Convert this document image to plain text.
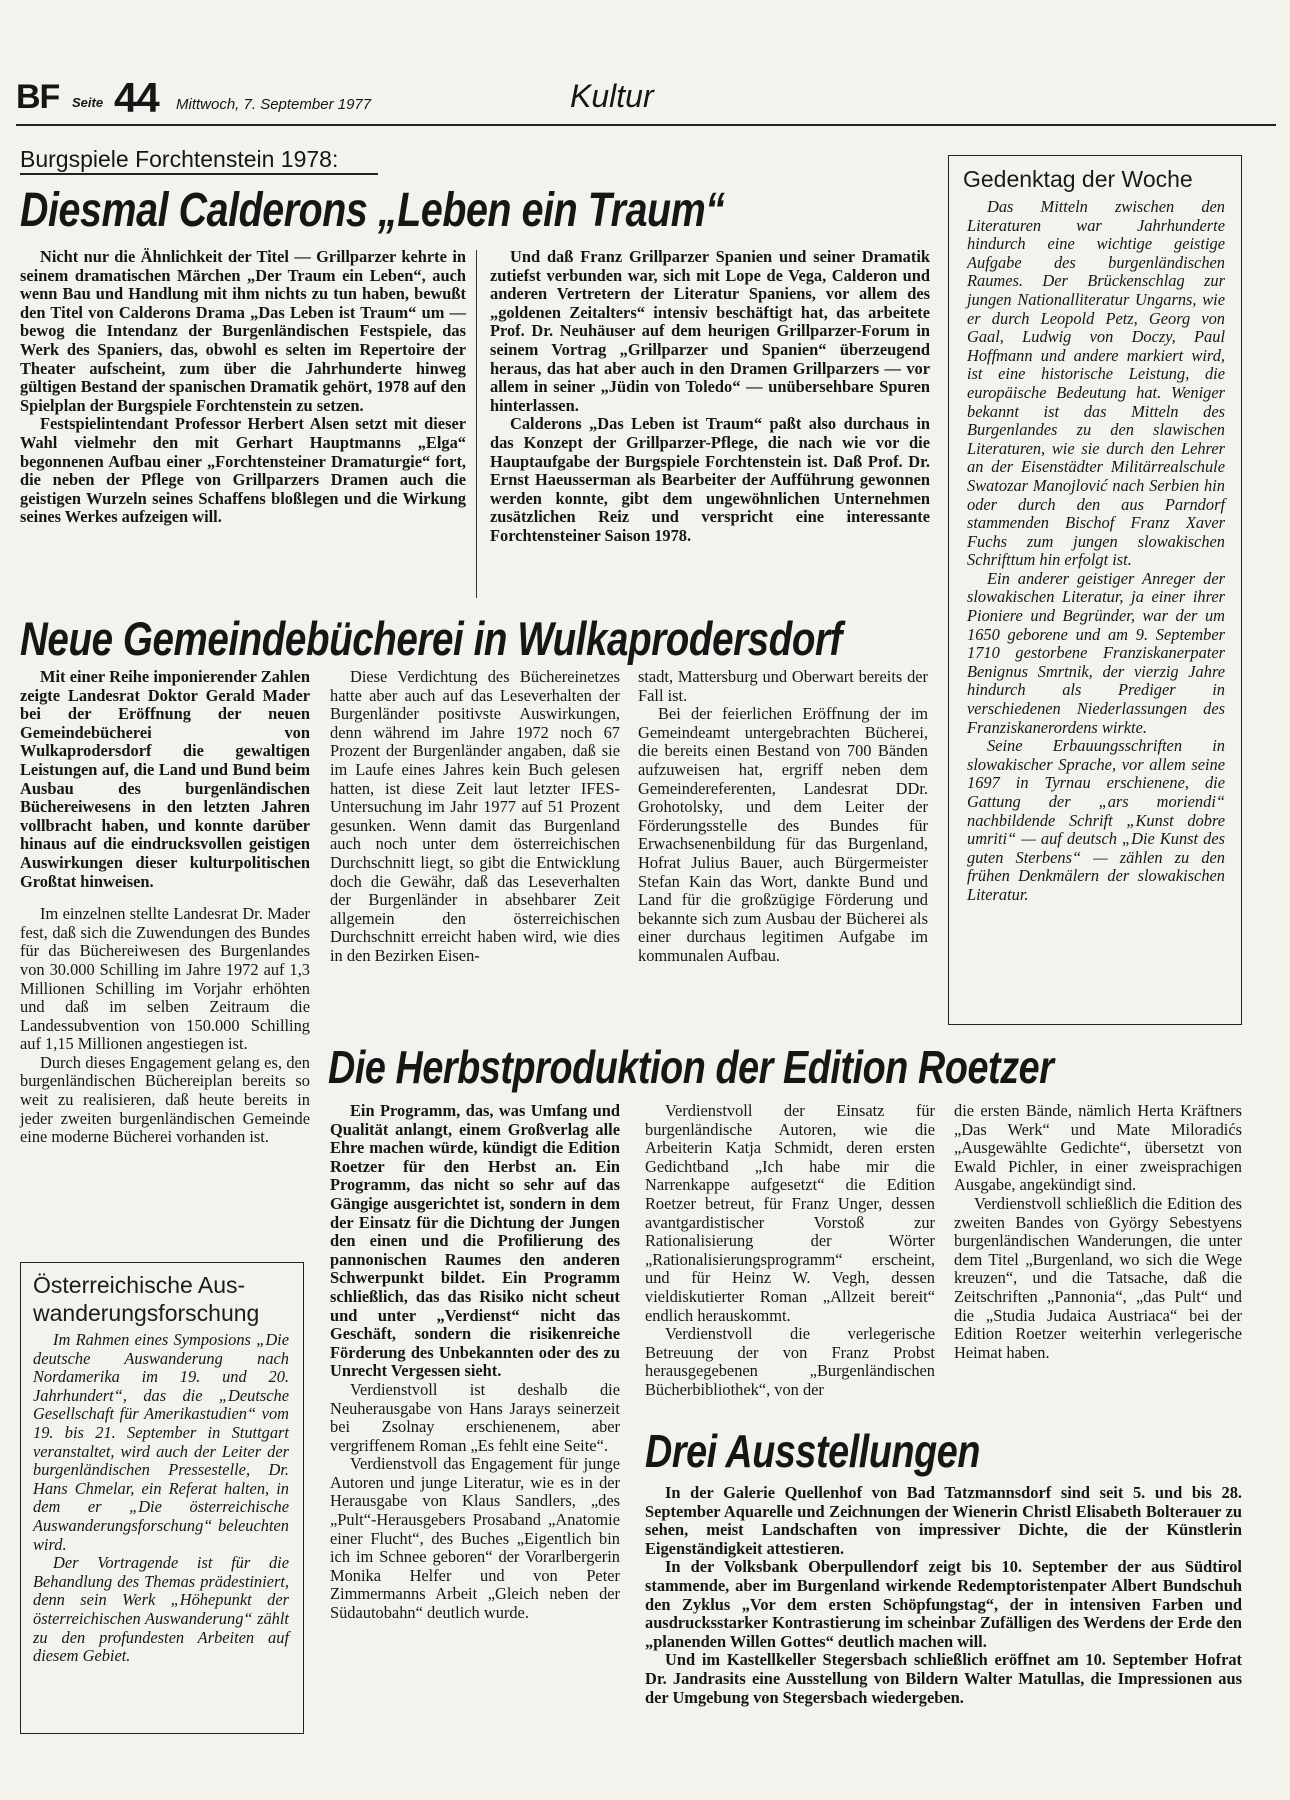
BF Seite 44 Mittwoch, 7. September 1977	Kultur
Burgspiele Forchtenstein 1978:
Diesmal Calderons „Leben ein Traum“

Nicht nur die Ähnlichkeit der Titel — Grillparzer kehrte in seinem dramatischen Märchen „Der Traum ein Leben“, auch wenn Bau und Handlung mit ihm nichts zu tun haben, bewußt den Titel von Calderons Drama „Das Leben ist Traum“ um — bewog die Intendanz der Burgenländischen Festspiele, das Werk des Spaniers, das, obwohl es selten im Repertoire der Theater aufscheint, zum über die Jahrhunderte hinweg gültigen Bestand der spanischen Dramatik gehört, 1978 auf den Spielplan der Burgspiele Forchtenstein zu setzen.

Festspielintendant Professor Herbert Alsen setzt mit dieser Wahl vielmehr den mit Gerhart Hauptmanns „Elga“ begonnenen Aufbau einer „Forchtensteiner Dramaturgie“ fort, die neben der Pflege von Grillparzers Dramen auch die geistigen Wurzeln seines Schaffens bloßlegen und die Wirkung seines Werkes aufzeigen will.

Und daß Franz Grillparzer Spanien und seiner Dramatik zutiefst verbunden war, sich mit Lope de Vega, Calderon und anderen Vertretern der Literatur Spaniens, vor allem des „goldenen Zeitalters“ intensiv beschäftigt hat, das arbeitete Prof. Dr. Neuhäuser auf dem heurigen Grillparzer-Forum in seinem Vortrag „Grillparzer und Spanien“ überzeugend heraus, das hat aber auch in den Dramen Grillparzers — vor allem in seiner „Jüdin von Toledo“ — unübersehbare Spuren hinterlassen.

Calderons „Das Leben ist Traum“ paßt also durchaus in das Konzept der Grillparzer-Pflege, die nach wie vor die Hauptaufgabe der Burgspiele Forchtenstein ist. Daß Prof. Dr. Ernst Haeusserman als Bearbeiter der Aufführung gewonnen werden konnte, gibt dem ungewöhnlichen Unternehmen zusätzlichen Reiz und verspricht eine interessante Forchtensteiner Saison 1978.

Gedenktag der Woche

Das Mitteln zwischen den Literaturen war Jahrhunderte hindurch eine wichtige geistige Aufgabe des burgenländischen Raumes. Der Brückenschlag zur jungen Nationalliteratur Ungarns, wie er durch Leopold Petz, Georg von Gaal, Ludwig von Doczy, Paul Hoffmann und andere markiert wird, ist eine historische Leistung, die europäische Bedeutung hat. Weniger bekannt ist das Mitteln des Burgenlandes zu den slawischen Literaturen, wie sie durch den Lehrer an der Eisenstädter Militärrealschule Swatozar Manojlović nach Serbien hin oder durch den aus Parndorf stammenden Bischof Franz Xaver Fuchs zum jungen slowakischen Schrifttum hin erfolgt ist.

Ein anderer geistiger Anreger der slowakischen Literatur, ja einer ihrer Pioniere und Begründer, war der um 1650 geborene und am 9. September 1710 gestorbene Franziskanerpater Benignus Smrtnik, der vierzig Jahre hindurch als Prediger in verschiedenen Niederlassungen des Franziskanerordens wirkte.

Seine Erbauungsschriften in slowakischer Sprache, vor allem seine 1697 in Tyrnau erschienene, die Gattung der „ars moriendi“ nachbildende Schrift „Kunst dobre umriti“ — auf deutsch „Die Kunst des guten Sterbens“ — zählen zu den frühen Denkmälern der slowakischen Literatur.

Neue Gemeindebücherei in Wulkaprodersdorf

Mit einer Reihe imponierender Zahlen zeigte Landesrat Doktor Gerald Mader bei der Eröffnung der neuen Gemeindebücherei von Wulkaprodersdorf die gewaltigen Leistungen auf, die Land und Bund beim Ausbau des burgenländischen Büchereiwesens in den letzten Jahren vollbracht haben, und konnte darüber hinaus auf die eindrucksvollen geistigen Auswirkungen dieser kulturpolitischen Großtat hinweisen.

Im einzelnen stellte Landesrat Dr. Mader fest, daß sich die Zuwendungen des Bundes für das Büchereiwesen des Burgenlandes von 30.000 Schilling im Jahre 1972 auf 1,3 Millionen Schilling im Vorjahr erhöhten und daß im selben Zeitraum die Landessubvention von 150.000 Schilling auf 1,15 Millionen angestiegen ist.

Durch dieses Engagement gelang es, den burgenländischen Büchereiplan bereits so weit zu realisieren, daß heute bereits in jeder zweiten burgenländischen Gemeinde eine moderne Bücherei vorhanden ist.

Diese Verdichtung des Büchereinetzes hatte aber auch auf das Leseverhalten der Burgenländer positivste Auswirkungen, denn während im Jahre 1972 noch 67 Prozent der Burgenländer angaben, daß sie im Laufe eines Jahres kein Buch gelesen hatten, ist diese Zeit laut letzter IFES-Untersuchung im Jahr 1977 auf 51 Prozent gesunken. Wenn damit das Burgenland auch noch unter dem österreichischen Durchschnitt liegt, so gibt die Entwicklung doch die Gewähr, daß das Leseverhalten der Burgenländer in absehbarer Zeit allgemein den österreichischen Durchschnitt erreicht haben wird, wie dies in den Bezirken Eisen-

stadt, Mattersburg und Oberwart bereits der Fall ist.

Bei der feierlichen Eröffnung der im Gemeindeamt untergebrachten Bücherei, die bereits einen Bestand von 700 Bänden aufzuweisen hat, ergriff neben dem Gemeindereferenten, Landesrat DDr. Grohotolsky, und dem Leiter der Förderungsstelle des Bundes für Erwachsenenbildung für das Burgenland, Hofrat Julius Bauer, auch Bürgermeister Stefan Kain das Wort, dankte Bund und Land für die großzügige Förderung und bekannte sich zum Ausbau der Bücherei als einer durchaus legitimen Aufgabe im kommunalen Aufbau.

Österreichische Aus-
wanderungsforschung

Im Rahmen eines Symposions „Die deutsche Auswanderung nach Nordamerika im 19. und 20. Jahrhundert“, das die „Deutsche Gesellschaft für Amerikastudien“ vom 19. bis 21. September in Stuttgart veranstaltet, wird auch der Leiter der burgenländischen Pressestelle, Dr. Hans Chmelar, ein Referat halten, in dem er „Die österreichische Auswanderungsforschung“ beleuchten wird.

Der Vortragende ist für die Behandlung des Themas prädestiniert, denn sein Werk „Höhepunkt der österreichischen Auswanderung“ zählt zu den profundesten Arbeiten auf diesem Gebiet.

Die Herbstproduktion der Edition Roetzer

Ein Programm, das, was Umfang und Qualität anlangt, einem Großverlag alle Ehre machen würde, kündigt die Edition Roetzer für den Herbst an. Ein Programm, das nicht so sehr auf das Gängige ausgerichtet ist, sondern in dem der Einsatz für die Dichtung der Jungen den einen und die Profilierung des pannonischen Raumes den anderen Schwerpunkt bildet. Ein Programm schließlich, das das Risiko nicht scheut und unter „Verdienst“ nicht das Geschäft, sondern die risikenreiche Förderung des Unbekannten oder des zu Unrecht Vergessen sieht.

Verdienstvoll ist deshalb die Neuherausgabe von Hans Jarays seinerzeit bei Zsolnay erschienenem, aber vergriffenem Roman „Es fehlt eine Seite“.

Verdienstvoll das Engagement für junge Autoren und junge Literatur, wie es in der Herausgabe von Klaus Sandlers, „des „Pult“-Herausgebers Prosaband „Anatomie einer Flucht“, des Buches „Eigentlich bin ich im Schnee geboren“ der Vorarlbergerin Monika Helfer und von Peter Zimmermanns Arbeit „Gleich neben der Südautobahn“ deutlich wurde.

Verdienstvoll der Einsatz für burgenländische Autoren, wie die Arbeiterin Katja Schmidt, deren ersten Gedichtband „Ich habe mir die Narrenkappe aufgesetzt“ die Edition Roetzer betreut, für Franz Unger, dessen avantgardistischer Vorstoß zur Rationalisierung der Wörter „Rationalisierungsprogramm“ erscheint, und für Heinz W. Vegh, dessen vieldiskutierter Roman „Allzeit bereit“ endlich herauskommt.

Verdienstvoll die verlegerische Betreuung der von Franz Probst herausgegebenen „Burgenländischen Bücherbibliothek“, von der

die ersten Bände, nämlich Herta Kräftners „Das Werk“ und Mate Miloradićs „Ausgewählte Gedichte“, übersetzt von Ewald Pichler, in einer zweisprachigen Ausgabe, angekündigt sind.

Verdienstvoll schließlich die Edition des zweiten Bandes von György Sebestyens burgenländischen Wanderungen, die unter dem Titel „Burgenland, wo sich die Wege kreuzen“, und die Tatsache, daß die Zeitschriften „Pannonia“, „das Pult“ und die „Studia Judaica Austriaca“ bei der Edition Roetzer weiterhin verlegerische Heimat haben.

Drei Ausstellungen

In der Galerie Quellenhof von Bad Tatzmannsdorf sind seit 5. und bis 28. September Aquarelle und Zeichnungen der Wienerin Christl Elisabeth Bolterauer zu sehen, meist Landschaften von impressiver Dichte, die der Künstlerin Eigenständigkeit attestieren.

In der Volksbank Oberpullendorf zeigt bis 10. September der aus Südtirol stammende, aber im Burgenland wirkende Redemptoristenpater Albert Bundschuh den Zyklus „Vor dem ersten Schöpfungstag“, der in intensiven Farben und ausdrucksstarker Kontrastierung im scheinbar Zufälligen des Werdens der Erde den „planenden Willen Gottes“ deutlich machen will.

Und im Kastellkeller Stegersbach schließlich eröffnet am 10. September Hofrat Dr. Jandrasits eine Ausstellung von Bildern Walter Matullas, die Impressionen aus der Umgebung von Stegersbach wiedergeben.
